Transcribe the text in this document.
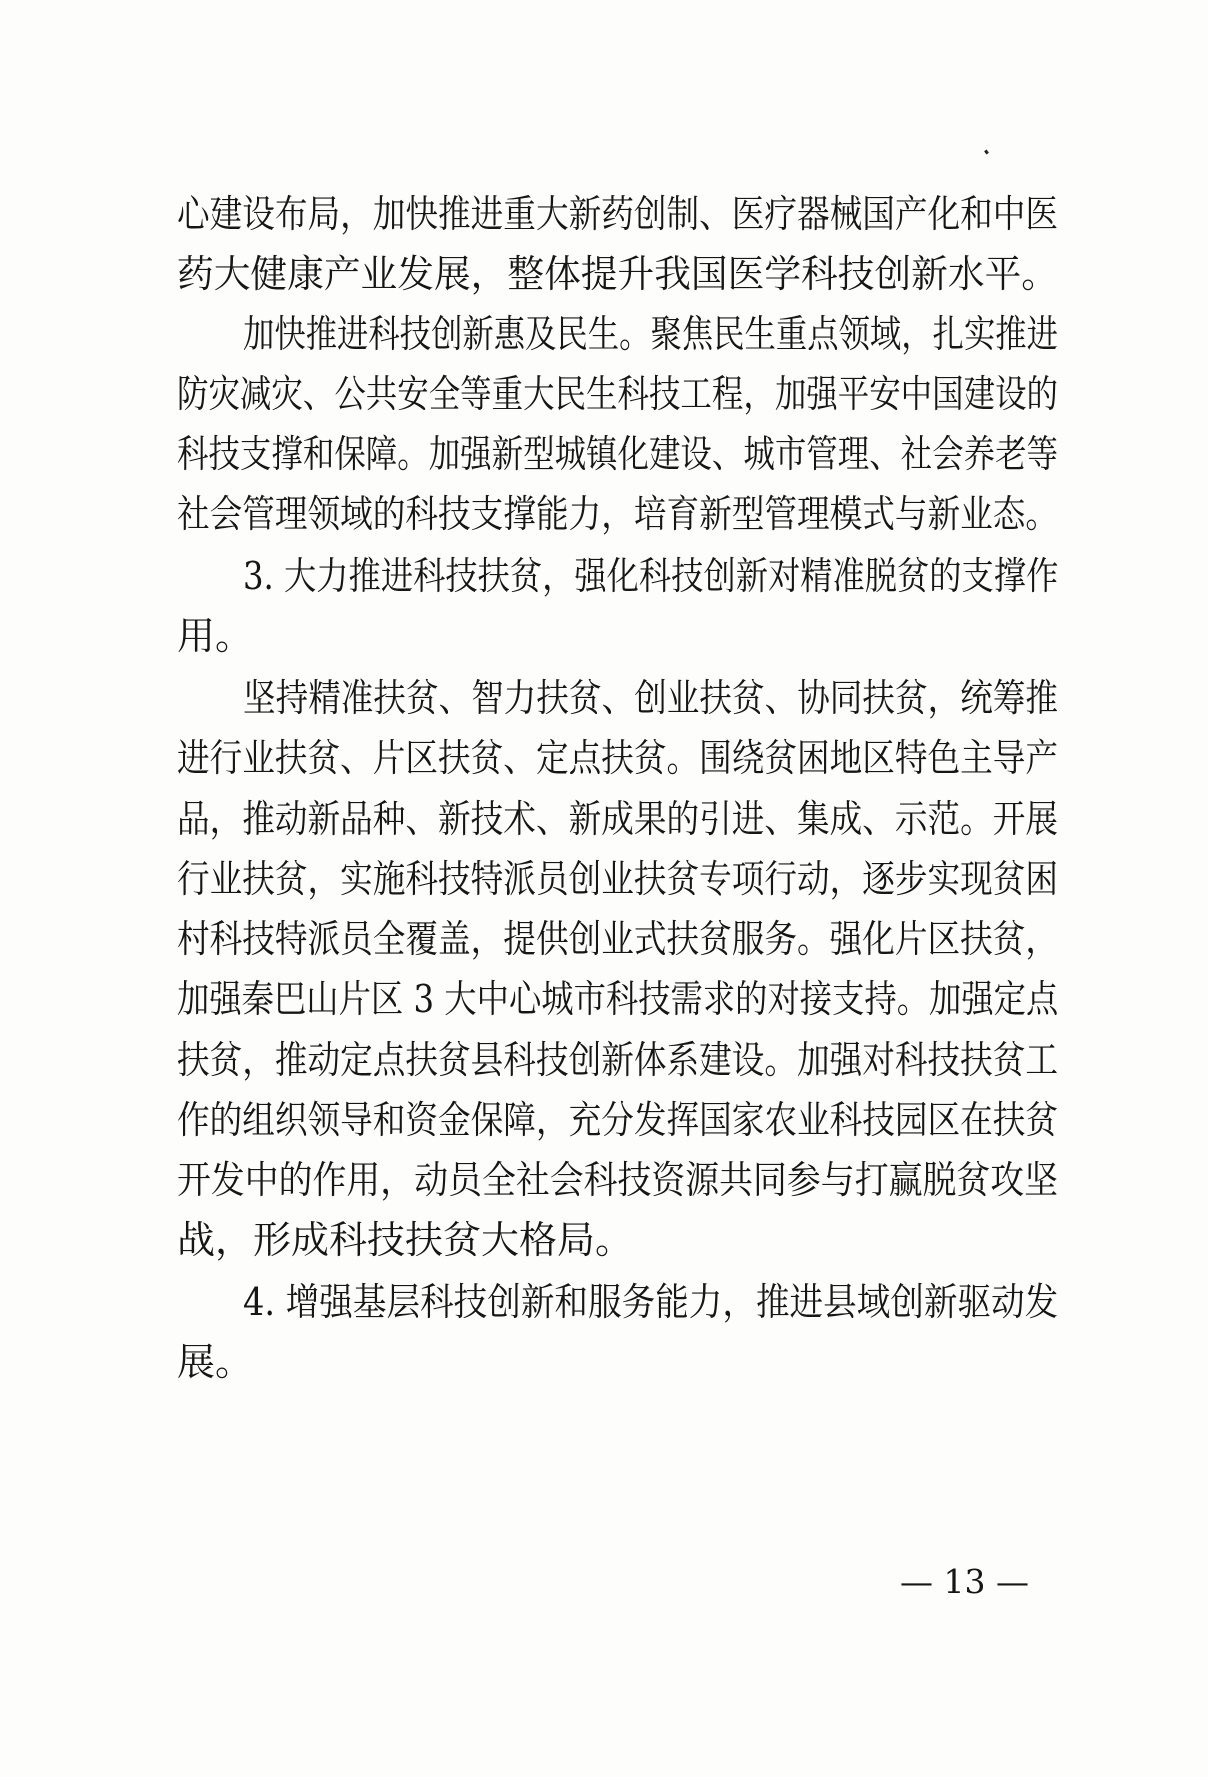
心建设布局，加快推进重大新药创制、医疗器械国产化和中医
药大健康产业发展，整体提升我国医学科技创新水平。
加快推进科技创新惠及民生。聚焦民生重点领域，扎实推进
防灾减灾、公共安全等重大民生科技工程，加强平安中国建设的
科技支撑和保障。加强新型城镇化建设、城市管理、社会养老等
社会管理领域的科技支撑能力，培育新型管理模式与新业态。
3. 大力推进科技扶贫，强化科技创新对精准脱贫的支撑作
用。
坚持精准扶贫、智力扶贫、创业扶贫、协同扶贫，统筹推
进行业扶贫、片区扶贫、定点扶贫。围绕贫困地区特色主导产
品，推动新品种、新技术、新成果的引进、集成、示范。开展
行业扶贫，实施科技特派员创业扶贫专项行动，逐步实现贫困
村科技特派员全覆盖，提供创业式扶贫服务。强化片区扶贫，
加强秦巴山片区 3 大中心城市科技需求的对接支持。加强定点
扶贫，推动定点扶贫县科技创新体系建设。加强对科技扶贫工
作的组织领导和资金保障，充分发挥国家农业科技园区在扶贫
开发中的作用，动员全社会科技资源共同参与打赢脱贫攻坚
战，形成科技扶贫大格局。
4. 增强基层科技创新和服务能力，推进县域创新驱动发
展。
— 13 —
